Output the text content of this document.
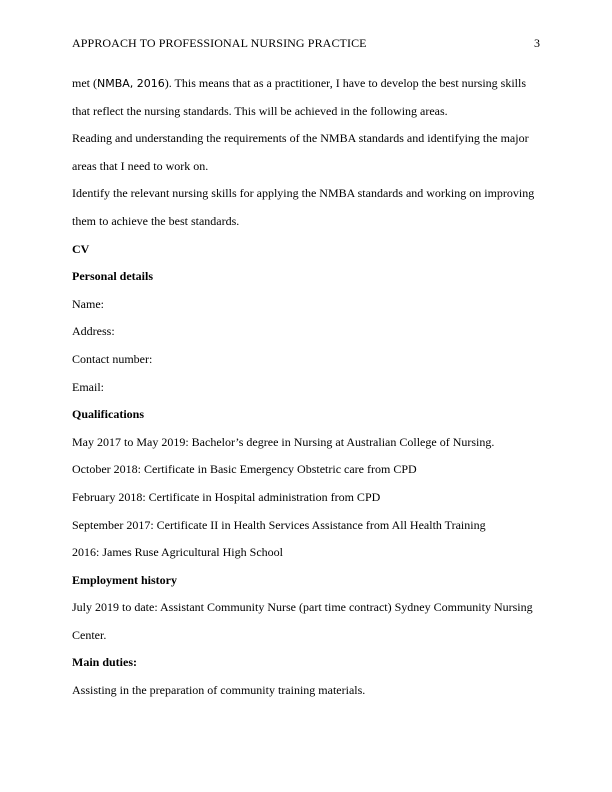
APPROACH TO PROFESSIONAL NURSING PRACTICE	3
met (NMBA, 2016). This means that as a practitioner, I have to develop the best nursing skills
that reflect the nursing standards. This will be achieved in the following areas.
Reading and understanding the requirements of the NMBA standards and identifying the major
areas that I need to work on.
Identify the relevant nursing skills for applying the NMBA standards and working on improving
them to achieve the best standards.
CV
Personal details
Name:
Address:
Contact number:
Email:
Qualifications
May 2017 to May 2019: Bachelor’s degree in Nursing at Australian College of Nursing.
October 2018: Certificate in Basic Emergency Obstetric care from CPD
February 2018: Certificate in Hospital administration from CPD
September 2017: Certificate II in Health Services Assistance from All Health Training
2016: James Ruse Agricultural High School
Employment history
July 2019 to date: Assistant Community Nurse (part time contract) Sydney Community Nursing
Center.
Main duties:
Assisting in the preparation of community training materials.
